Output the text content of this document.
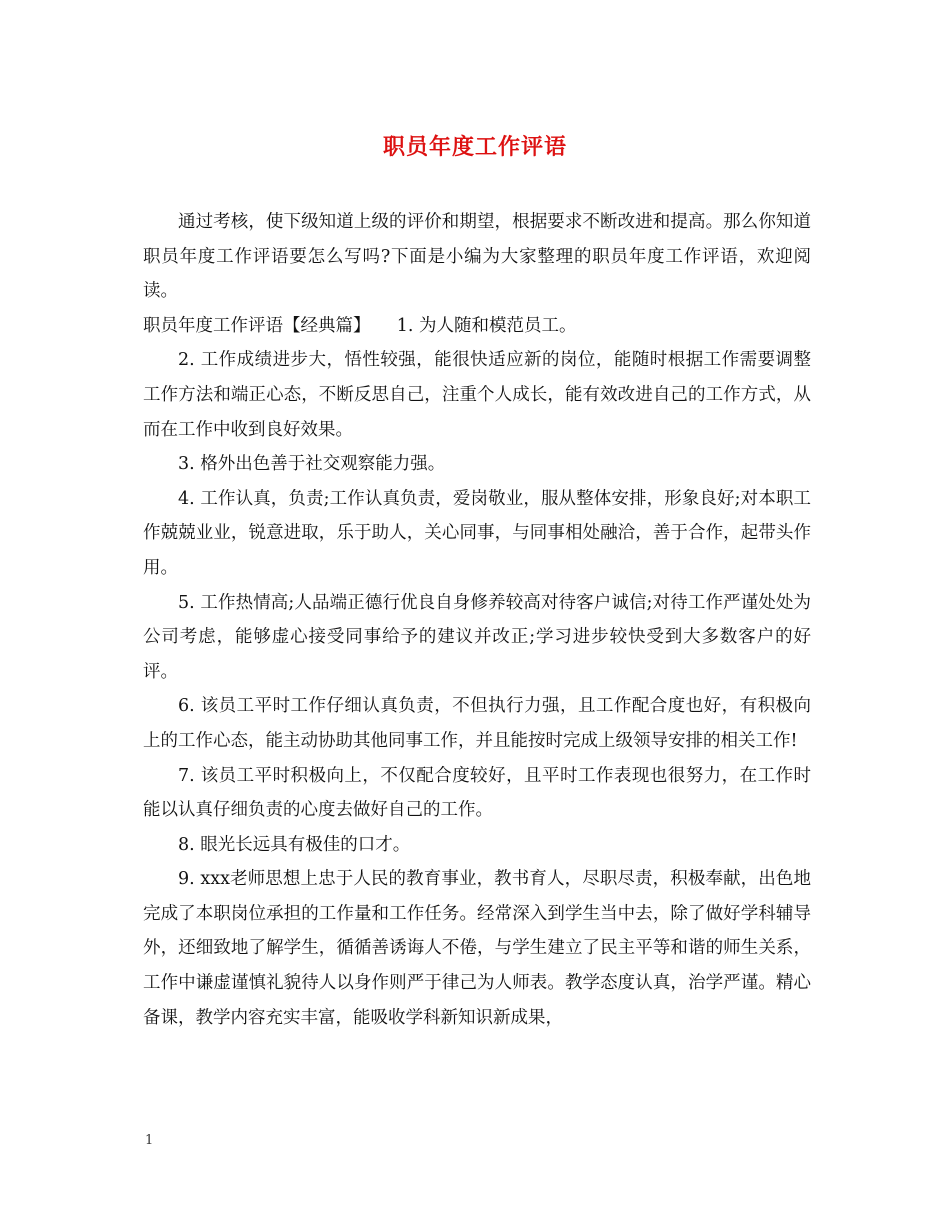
职员年度工作评语

通过考核，使下级知道上级的评价和期望，根据要求不断改进和提高。那么你知道职员年度工作评语要怎么写吗?下面是小编为大家整理的职员年度工作评语，欢迎阅读。

职员年度工作评语【经典篇】　　1. 为人随和模范员工。

2. 工作成绩进步大，悟性较强，能很快适应新的岗位，能随时根据工作需要调整工作方法和端正心态，不断反思自己，注重个人成长，能有效改进自己的工作方式，从而在工作中收到良好效果。

3. 格外出色善于社交观察能力强。

4. 工作认真，负责;工作认真负责，爱岗敬业，服从整体安排，形象良好;对本职工作兢兢业业，锐意进取，乐于助人，关心同事，与同事相处融洽，善于合作，起带头作用。

5. 工作热情高;人品端正德行优良自身修养较高对待客户诚信;对待工作严谨处处为公司考虑，能够虚心接受同事给予的建议并改正;学习进步较快受到大多数客户的好评。

6. 该员工平时工作仔细认真负责，不但执行力强，且工作配合度也好，有积极向上的工作心态，能主动协助其他同事工作，并且能按时完成上级领导安排的相关工作!

7. 该员工平时积极向上，不仅配合度较好，且平时工作表现也很努力，在工作时能以认真仔细负责的心度去做好自己的工作。

8. 眼光长远具有极佳的口才。

9. xxx老师思想上忠于人民的教育事业，教书育人，尽职尽责，积极奉献，出色地完成了本职岗位承担的工作量和工作任务。经常深入到学生当中去，除了做好学科辅导外，还细致地了解学生，循循善诱诲人不倦，与学生建立了民主平等和谐的师生关系，工作中谦虚谨慎礼貌待人以身作则严于律己为人师表。教学态度认真，治学严谨。精心备课，教学内容充实丰富，能吸收学科新知识新成果，

1
